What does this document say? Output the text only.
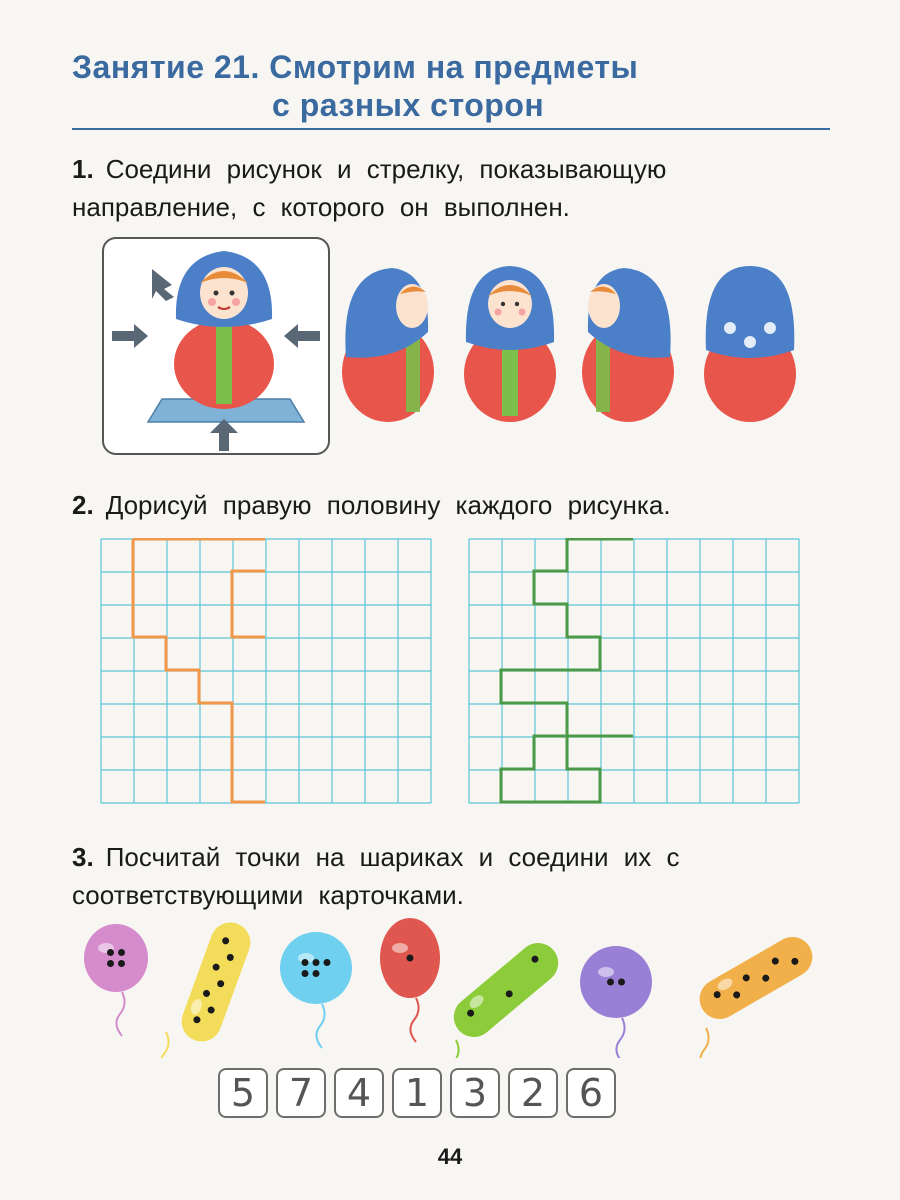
Занятие 21. Смотрим на предметы
с разных сторон
1. Соедини рисунок и стрелку, показывающую направление, с которого он выполнен.
2. Дорисуй правую половину каждого рисунка.
3. Посчитай точки на шариках и соедини их с соответствующими карточками.
5 7 4 1 3 2 6
44
